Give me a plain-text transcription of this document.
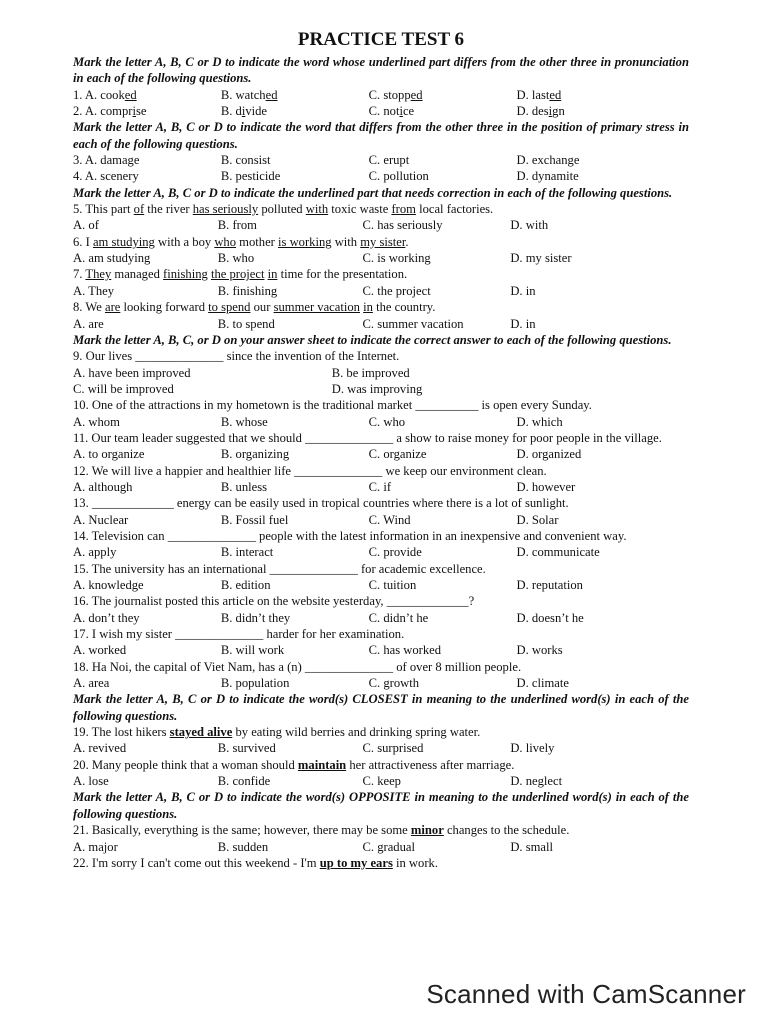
PRACTICE TEST 6
Mark the letter A, B, C or D to indicate the word whose underlined part differs from the other three in pronunciation in each of the following questions.
1. A. cooked	B. watched	C. stopped	D. lasted
2. A. comprise	B. divide	C. notice	D. design
Mark the letter A, B, C or D to indicate the word that differs from the other three in the position of primary stress in each of the following questions.
3. A. damage	B. consist	C. erupt	D. exchange
4. A. scenery	B. pesticide	C. pollution	D. dynamite
Mark the letter A, B, C or D to indicate the underlined part that needs correction in each of the following questions.
5. This part of the river has seriously polluted with toxic waste from local factories.
A. of	B. from	C. has seriously	D. with
6. I am studying with a boy who mother is working with my sister.
A. am studying	B. who	C. is working	D. my sister
7. They managed finishing the project in time for the presentation.
A. They	B. finishing	C. the project	D. in
8. We are looking forward to spend our summer vacation in the country.
A. are	B. to spend	C. summer vacation	D. in
Mark the letter A, B, C, or D on your answer sheet to indicate the correct answer to each of the following questions.
9. Our lives ______________ since the invention of the Internet.
A. have been improved	B. be improved
C. will be improved	D. was improving
10. One of the attractions in my hometown is the traditional market __________ is open every Sunday.
A. whom	B. whose	C. who	D. which
11. Our team leader suggested that we should ______________ a show to raise money for poor people in the village.
A. to organize	B. organizing	C. organize	D. organized
12. We will live a happier and healthier life ______________ we keep our environment clean.
A. although	B. unless	C. if	D. however
13. _____________ energy can be easily used in tropical countries where there is a lot of sunlight.
A. Nuclear	B. Fossil fuel	C. Wind	D. Solar
14. Television can ______________ people with the latest information in an inexpensive and convenient way.
A. apply	B. interact	C. provide	D. communicate
15. The university has an international ______________ for academic excellence.
A. knowledge	B. edition	C. tuition	D. reputation
16. The journalist posted this article on the website yesterday, _____________?
A. don’t they	B. didn’t they	C. didn’t he	D. doesn’t he
17. I wish my sister ______________ harder for her examination.
A. worked	B. will work	C. has worked	D. works
18. Ha Noi, the capital of Viet Nam, has a (n) ______________ of over 8 million people.
A. area	B. population	C. growth	D. climate
Mark the letter A, B, C or D to indicate the word(s) CLOSEST in meaning to the underlined word(s) in each of the following questions.
19. The lost hikers stayed alive by eating wild berries and drinking spring water.
A. revived	B. survived	C. surprised	D. lively
20. Many people think that a woman should maintain her attractiveness after marriage.
A. lose	B. confide	C. keep	D. neglect
Mark the letter A, B, C or D to indicate the word(s) OPPOSITE in meaning to the underlined word(s) in each of the following questions.
21. Basically, everything is the same; however, there may be some minor changes to the schedule.
A. major	B. sudden	C. gradual	D. small
22. I'm sorry I can't come out this weekend - I'm up to my ears in work.
Scanned with CamScanner
